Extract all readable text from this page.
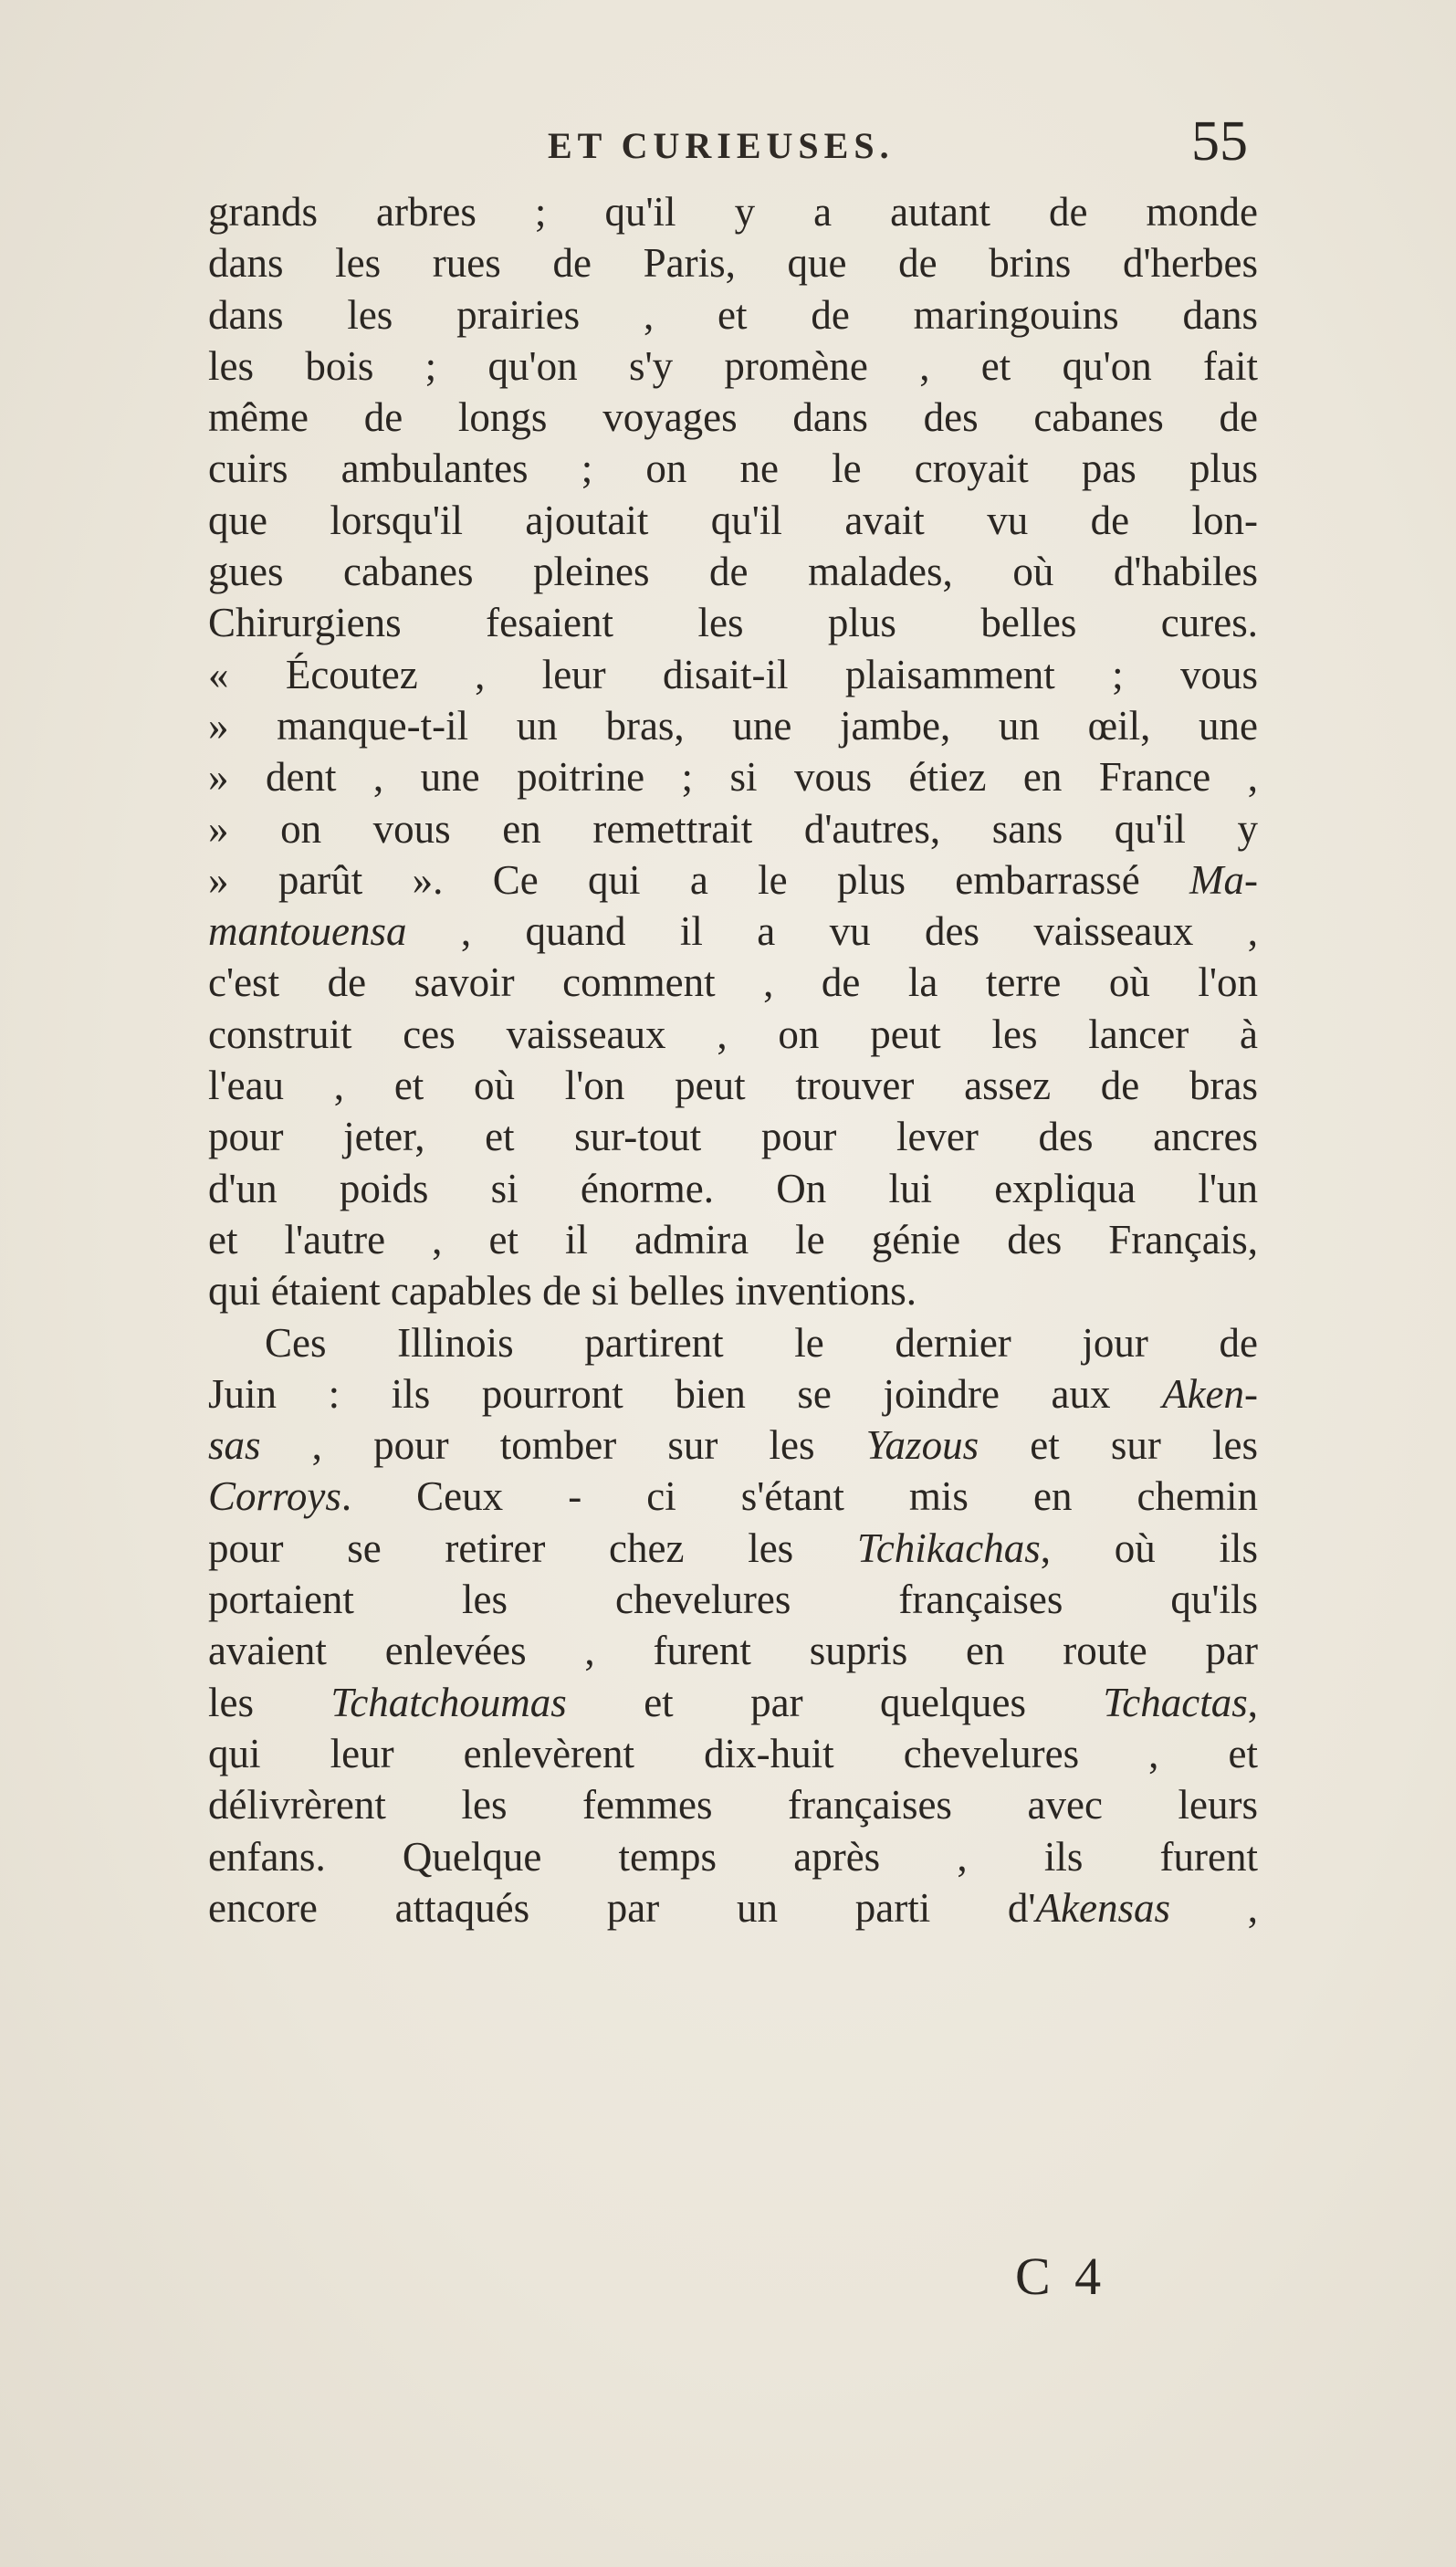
ET CURIEUSES.	55
grands arbres ; qu'il y a autant de monde
dans les rues de Paris, que de brins d'herbes
dans les prairies , et de maringouins dans
les bois ; qu'on s'y promène , et qu'on fait
même de longs voyages dans des cabanes de
cuirs ambulantes ; on ne le croyait pas plus
que lorsqu'il ajoutait qu'il avait vu de lon-
gues cabanes pleines de malades, où d'habiles
Chirurgiens fesaient les plus belles cures.
« Écoutez , leur disait-il plaisamment ; vous
» manque-t-il un bras, une jambe, un œil, une
» dent , une poitrine ; si vous étiez en France ,
» on vous en remettrait d'autres, sans qu'il y
» parût ». Ce qui a le plus embarrassé Ma-
mantouensa , quand il a vu des vaisseaux ,
c'est de savoir comment , de la terre où l'on
construit ces vaisseaux , on peut les lancer à
l'eau , et où l'on peut trouver assez de bras
pour jeter, et sur-tout pour lever des ancres
d'un poids si énorme. On lui expliqua l'un
et l'autre , et il admira le génie des Français,
qui étaient capables de si belles inventions.
Ces Illinois partirent le dernier jour de
Juin : ils pourront bien se joindre aux Aken-
sas , pour tomber sur les Yazous et sur les
Corroys. Ceux - ci s'étant mis en chemin
pour se retirer chez les Tchikachas, où ils
portaient les chevelures françaises qu'ils
avaient enlevées , furent supris en route par
les Tchatchoumas et par quelques Tchactas,
qui leur enlevèrent dix-huit chevelures , et
délivrèrent les femmes françaises avec leurs
enfans. Quelque temps après , ils furent
encore attaqués par un parti d'Akensas ,
C 4
